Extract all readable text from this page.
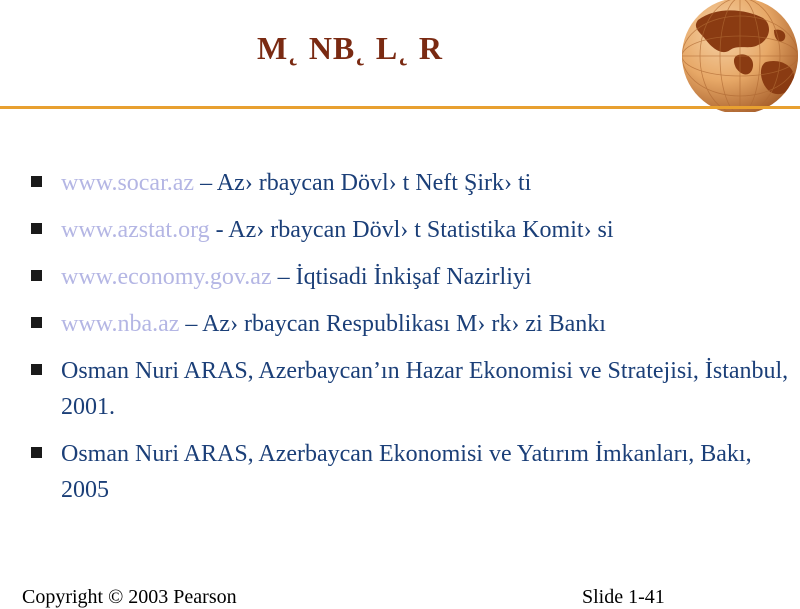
M˛ NB˛ L˛ R
www.socar.az – Az› rbaycan Dövl› t Neft Şirk› ti
www.azstat.org - Az› rbaycan Dövl› t Statistika Komit› si
www.economy.gov.az – İqtisadi İnkişaf Nazirliyi
www.nba.az – Az› rbaycan Respublikası M› rk› zi Bankı
Osman Nuri ARAS, Azerbaycan’ın Hazar Ekonomisi ve Stratejisi, İstanbul, 2001.
Osman Nuri ARAS, Azerbaycan Ekonomisi ve Yatırım İmkanları, Bakı, 2005
Copyright © 2003 Pearson	Slide 1-41
